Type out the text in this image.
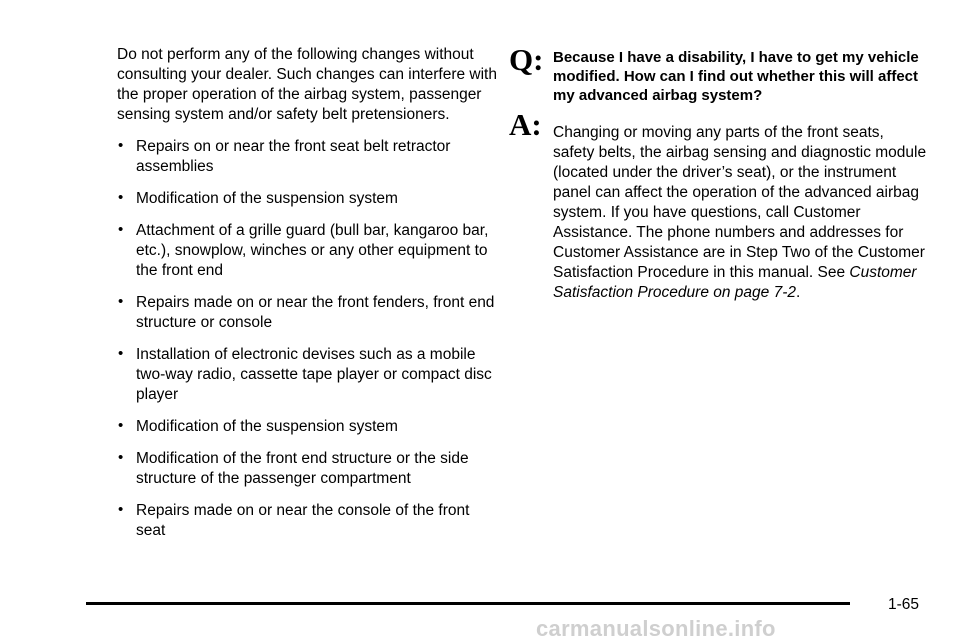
Do not perform any of the following changes without consulting your dealer. Such changes can interfere with the proper operation of the airbag system, passenger sensing system and/or safety belt pretensioners.

• Repairs on or near the front seat belt retractor assemblies
• Modification of the suspension system
• Attachment of a grille guard (bull bar, kangaroo bar, etc.), snowplow, winches or any other equipment to the front end
• Repairs made on or near the front fenders, front end structure or console
• Installation of electronic devises such as a mobile two-way radio, cassette tape player or compact disc player
• Modification of the suspension system
• Modification of the front end structure or the side structure of the passenger compartment
• Repairs made on or near the console of the front seat
Q: Because I have a disability, I have to get my vehicle modified. How can I find out whether this will affect my advanced airbag system?
A: Changing or moving any parts of the front seats, safety belts, the airbag sensing and diagnostic module (located under the driver’s seat), or the instrument panel can affect the operation of the advanced airbag system. If you have questions, call Customer Assistance. The phone numbers and addresses for Customer Assistance are in Step Two of the Customer Satisfaction Procedure in this manual. See Customer Satisfaction Procedure on page 7-2.
1-65
carmanualsonline.info
